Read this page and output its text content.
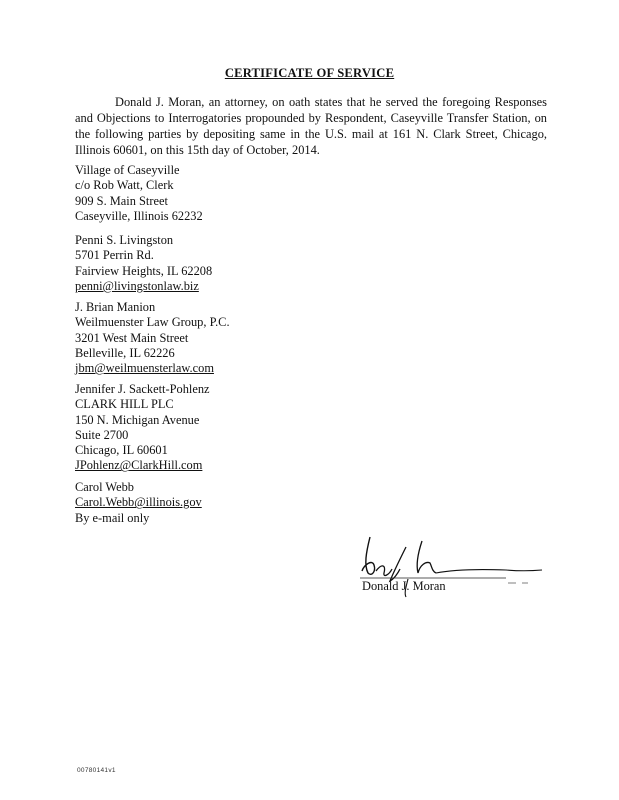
CERTIFICATE OF SERVICE
Donald J. Moran, an attorney, on oath states that he served the foregoing Responses and Objections to Interrogatories propounded by Respondent, Caseyville Transfer Station, on the following parties by depositing same in the U.S. mail at 161 N. Clark Street, Chicago, Illinois 60601, on this 15th day of October, 2014.
Village of Caseyville
c/o Rob Watt, Clerk
909 S. Main Street
Caseyville, Illinois 62232
Penni S. Livingston
5701 Perrin Rd.
Fairview Heights, IL 62208
penni@livingstonlaw.biz
J. Brian Manion
Weilmuenster Law Group, P.C.
3201 West Main Street
Belleville, IL 62226
jbm@weilmuensterlaw.com
Jennifer J. Sackett-Pohlenz
CLARK HILL PLC
150 N. Michigan Avenue
Suite 2700
Chicago, IL 60601
JPohlenz@ClarkHill.com
Carol Webb
Carol.Webb@illinois.gov
By e-mail only
Donald J. Moran
00780141v1
